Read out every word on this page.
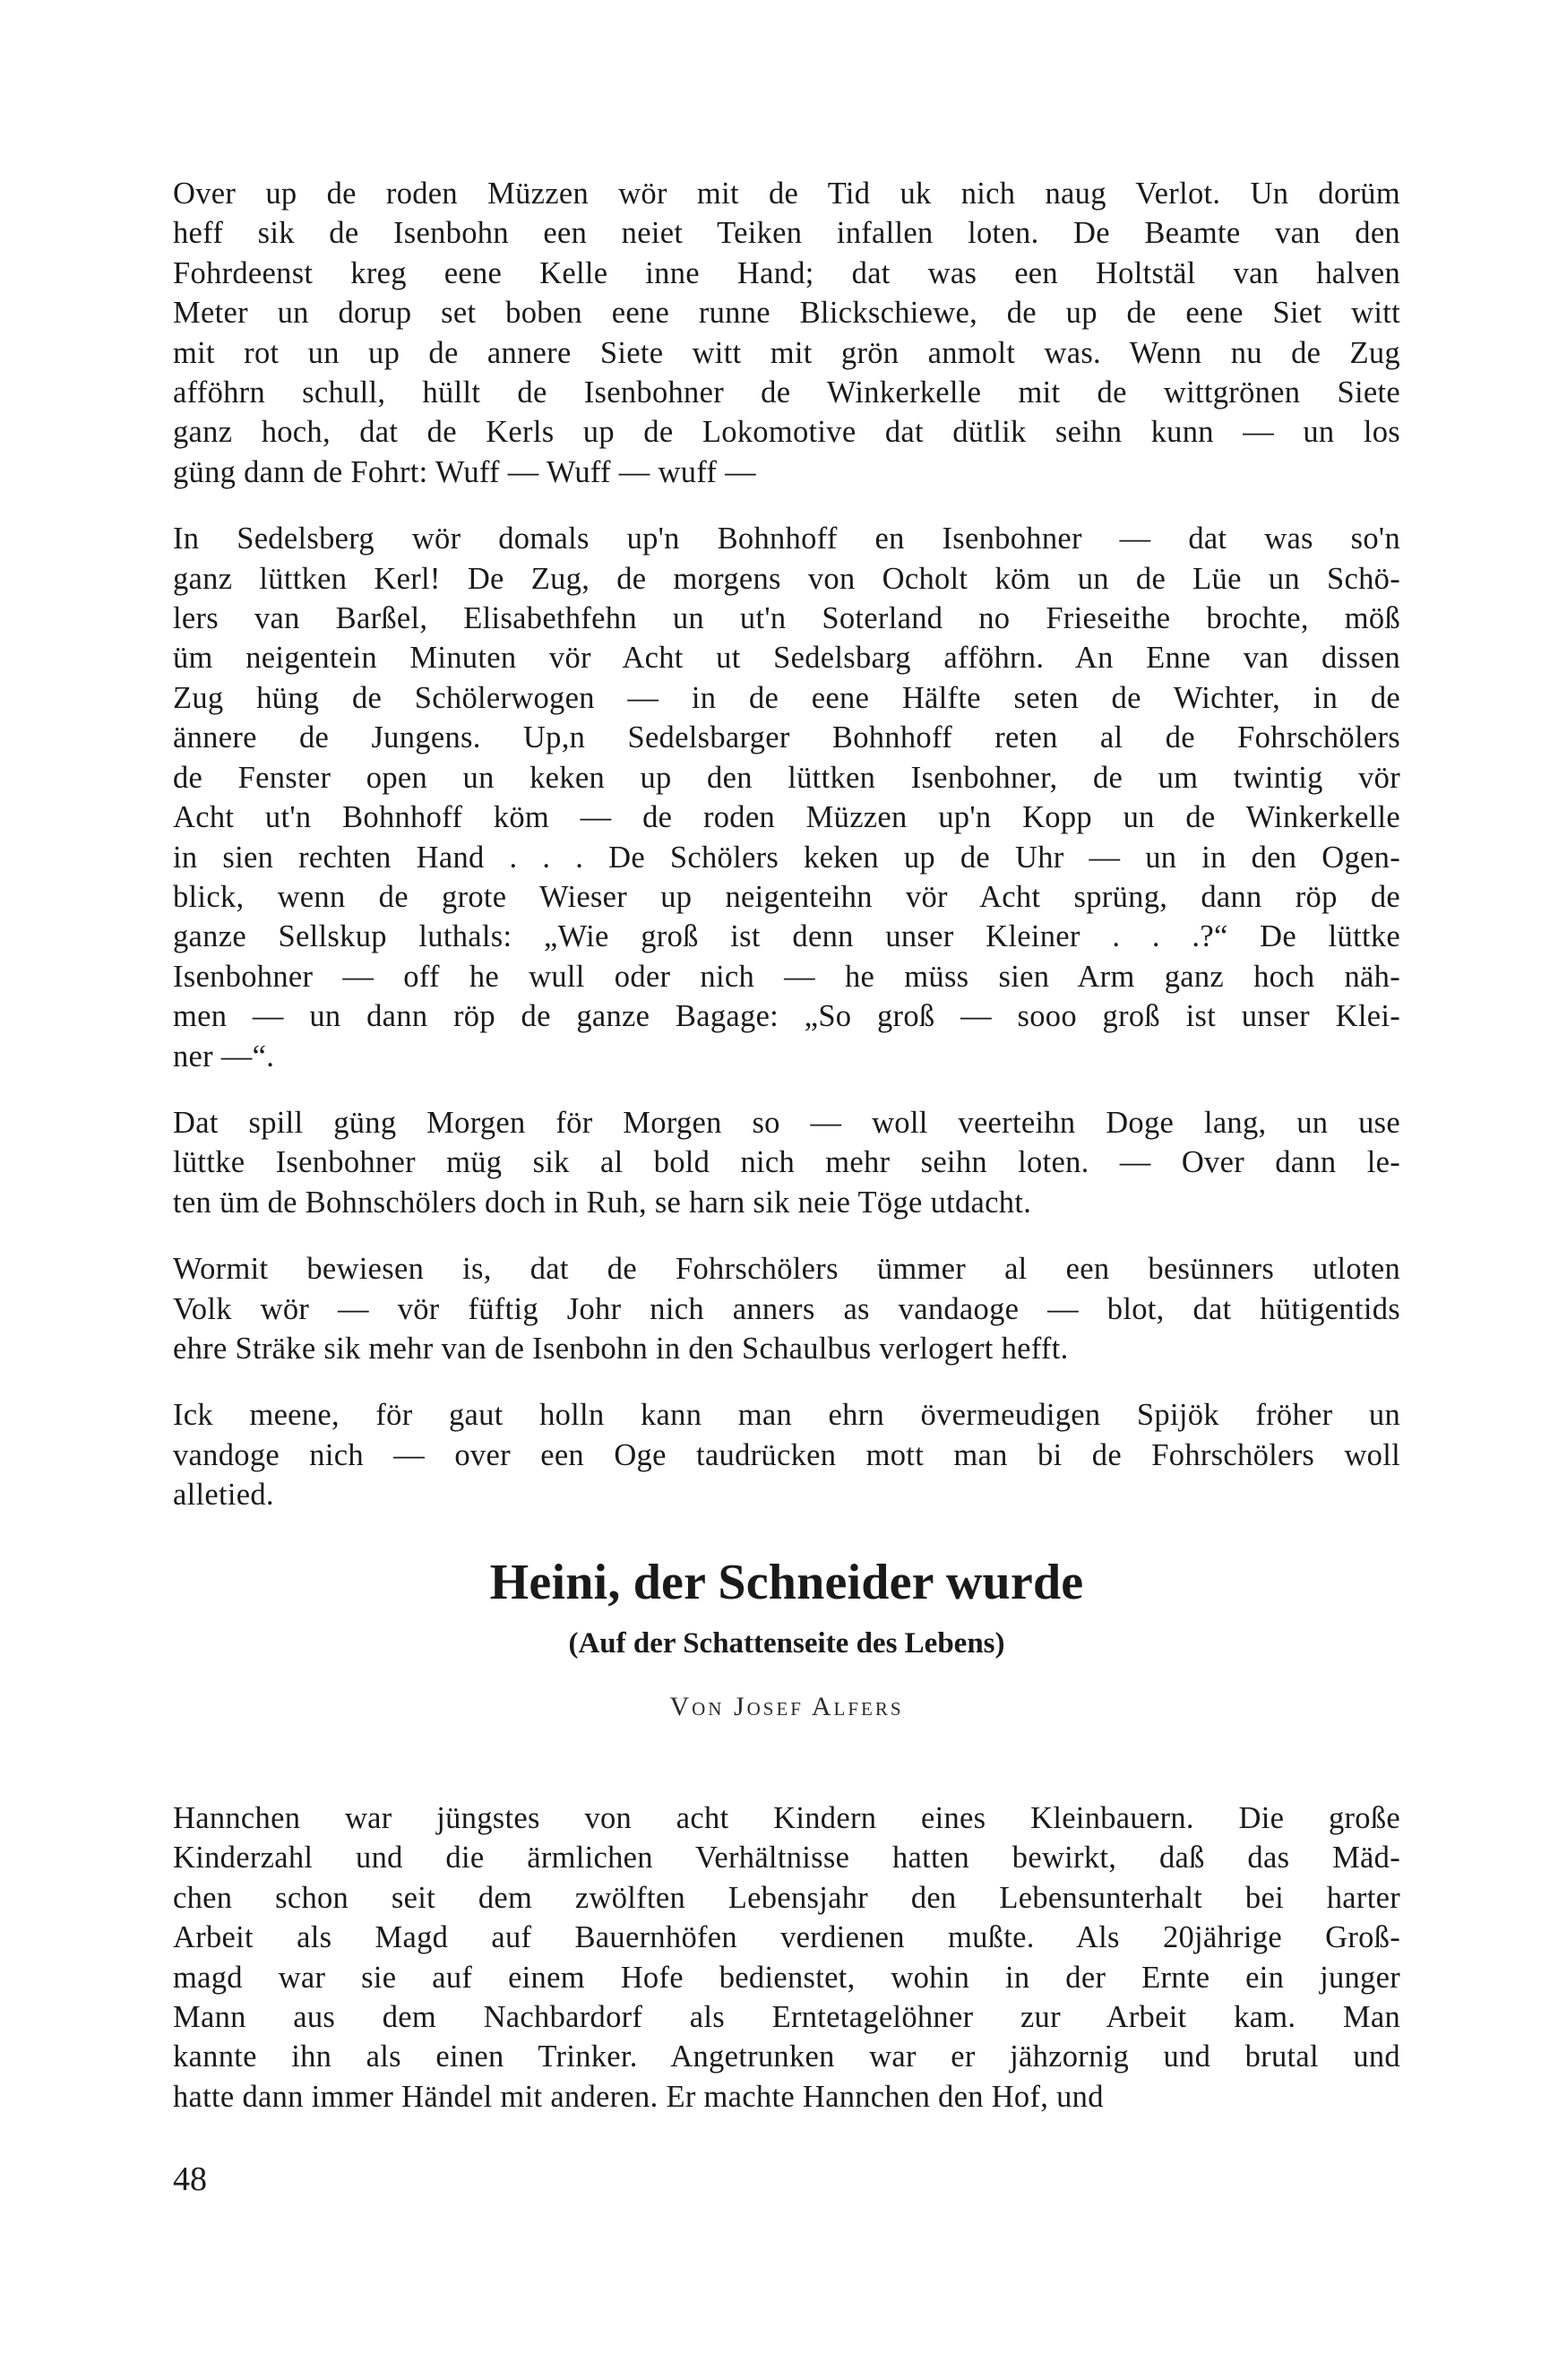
Over up de roden Müzzen wör mit de Tid uk nich naug Verlot. Un dorüm
heff sik de Isenbohn een neiet Teiken infallen loten. De Beamte van den
Fohrdeenst kreg eene Kelle inne Hand; dat was een Holtstäl van halven
Meter un dorup set boben eene runne Blickschiewe, de up de eene Siet witt
mit rot un up de annere Siete witt mit grön anmolt was. Wenn nu de Zug
afföhrn schull, hüllt de Isenbohner de Winkerkelle mit de wittgrönen Siete
ganz hoch, dat de Kerls up de Lokomotive dat dütlik seihn kunn — un los
güng dann de Fohrt: Wuff — Wuff — wuff —

In Sedelsberg wör domals up'n Bohnhoff en Isenbohner — dat was so'n
ganz lüttken Kerl! De Zug, de morgens von Ocholt köm un de Lüe un Schö-
lers van Barßel, Elisabethfehn un ut'n Soterland no Frieseithe brochte, möß
üm neigentein Minuten vör Acht ut Sedelsbarg afföhrn. An Enne van dissen
Zug hüng de Schölerwogen — in de eene Hälfte seten de Wichter, in de
ännere de Jungens. Up,n Sedelsbarger Bohnhoff reten al de Fohrschölers
de Fenster open un keken up den lüttken Isenbohner, de um twintig vör
Acht ut'n Bohnhoff köm — de roden Müzzen up'n Kopp un de Winkerkelle
in sien rechten Hand . . . De Schölers keken up de Uhr — un in den Ogen-
blick, wenn de grote Wieser up neigenteihn vör Acht sprüng, dann röp de
ganze Sellskup luthals: „Wie groß ist denn unser Kleiner . . .?“ De lüttke
Isenbohner — off he wull oder nich — he müss sien Arm ganz hoch näh-
men — un dann röp de ganze Bagage: „So groß — sooo groß ist unser Klei-
ner —“.

Dat spill güng Morgen för Morgen so — woll veerteihn Doge lang, un use
lüttke Isenbohner müg sik al bold nich mehr seihn loten. — Over dann le-
ten üm de Bohnschölers doch in Ruh, se harn sik neie Töge utdacht.

Wormit bewiesen is, dat de Fohrschölers ümmer al een besünners utloten
Volk wör — vör füftig Johr nich anners as vandaoge — blot, dat hütigentids
ehre Sträke sik mehr van de Isenbohn in den Schaulbus verlogert hefft.

Ick meene, för gaut holln kann man ehrn övermeudigen Spijök fröher un
vandoge nich — over een Oge taudrücken mott man bi de Fohrschölers woll
alletied.

Heini, der Schneider wurde

(Auf der Schattenseite des Lebens)

Von Josef Alfers

Hannchen war jüngstes von acht Kindern eines Kleinbauern. Die große
Kinderzahl und die ärmlichen Verhältnisse hatten bewirkt, daß das Mäd-
chen schon seit dem zwölften Lebensjahr den Lebensunterhalt bei harter
Arbeit als Magd auf Bauernhöfen verdienen mußte. Als 20jährige Groß-
magd war sie auf einem Hofe bedienstet, wohin in der Ernte ein junger
Mann aus dem Nachbardorf als Erntetagelöhner zur Arbeit kam. Man
kannte ihn als einen Trinker. Angetrunken war er jähzornig und brutal und
hatte dann immer Händel mit anderen. Er machte Hannchen den Hof, und

48
